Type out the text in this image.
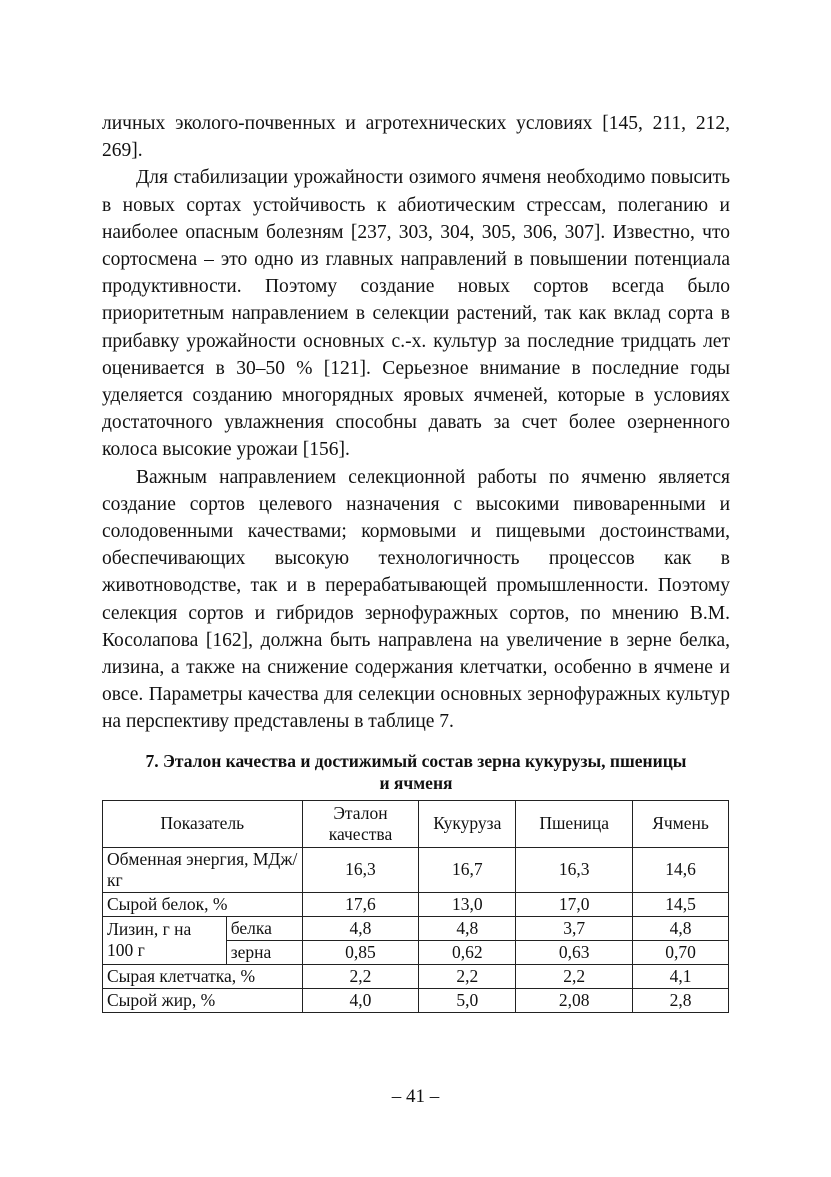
личных эколого-почвенных и агротехнических условиях [145, 211, 212, 269].

Для стабилизации урожайности озимого ячменя необходимо повысить в новых сортах устойчивость к абиотическим стрессам, полеганию и наиболее опасным болезням [237, 303, 304, 305, 306, 307]. Известно, что сортосмена – это одно из главных направлений в повышении потенциала продуктивности. Поэтому создание новых сортов всегда было приоритетным направлением в селекции растений, так как вклад сорта в прибавку урожайности основных с.-х. культур за последние тридцать лет оценивается в 30–50 % [121]. Серьезное внимание в последние годы уделяется созданию многорядных яровых ячменей, которые в условиях достаточного увлажнения способны давать за счет более озерненного колоса высокие урожаи [156].

Важным направлением селекционной работы по ячменю является создание сортов целевого назначения с высокими пивоваренными и солодовенными качествами; кормовыми и пищевыми достоинствами, обеспечивающих высокую технологичность процессов как в животноводстве, так и в перерабатывающей промышленности. Поэтому селекция сортов и гибридов зернофуражных сортов, по мнению В.М. Косолапова [162], должна быть направлена на увеличение в зерне белка, лизина, а также на снижение содержания клетчатки, особенно в ячмене и овсе. Параметры качества для селекции основных зернофуражных культур на перспективу представлены в таблице 7.

7. Эталон качества и достижимый состав зерна кукурузы, пшеницы
и ячменя
Показатель		Эталон качества	Кукуруза	Пшеница	Ячмень
Обменная энергия, МДж/кг		16,3	16,7	16,3	14,6
Сырой белок, %		17,6	13,0	17,0	14,5
Лизин, г на 100 г	белка	4,8	4,8	3,7	4,8
	зерна	0,85	0,62	0,63	0,70
Сырая клетчатка, %		2,2	2,2	2,2	4,1
Сырой жир, %		4,0	5,0	2,08	2,8
– 41 –
